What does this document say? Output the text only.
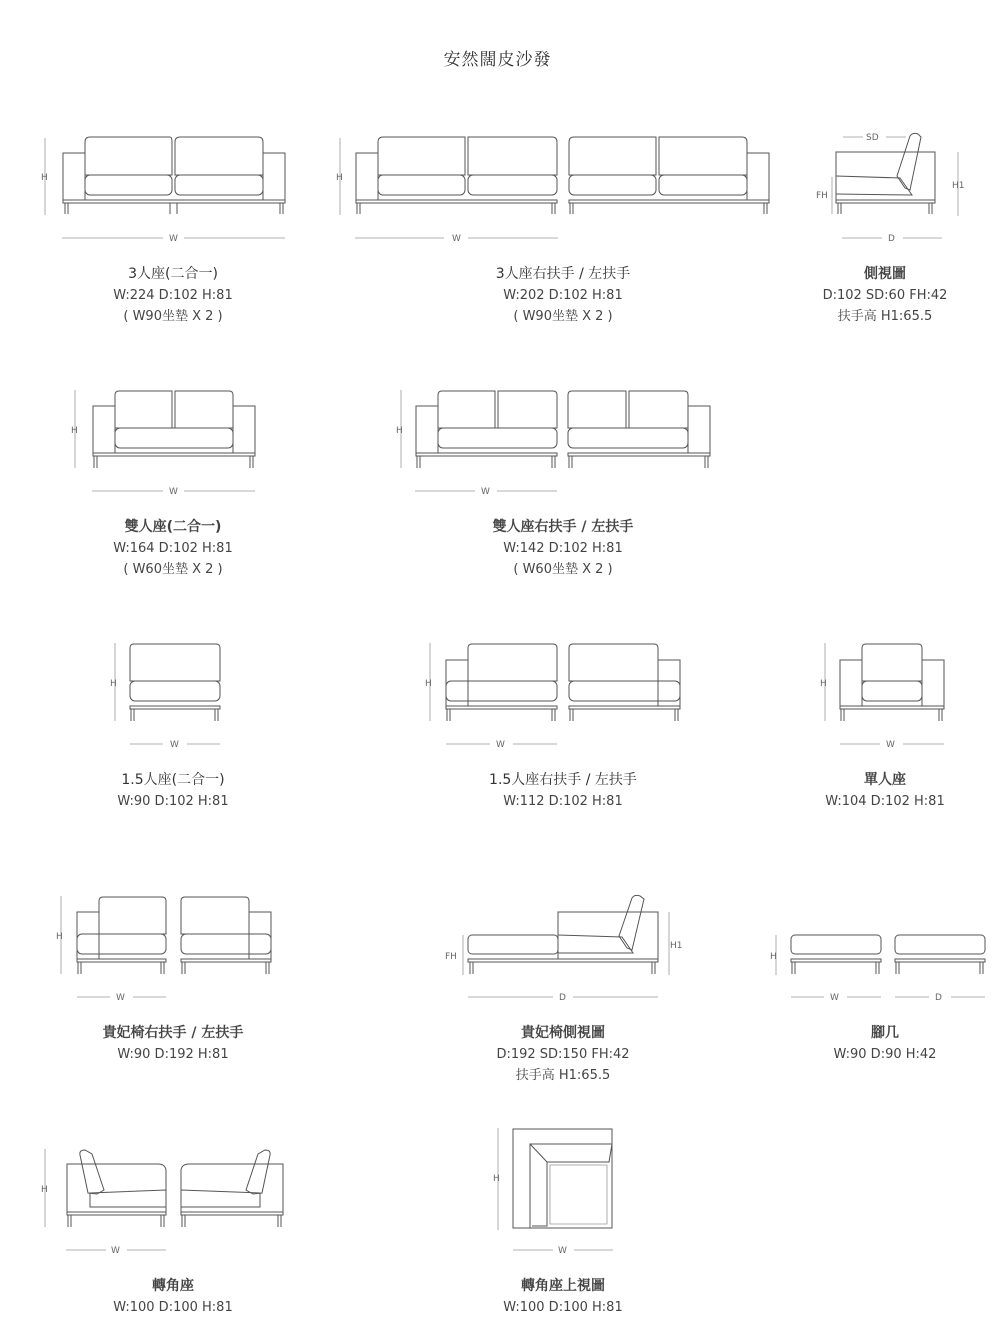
安然闊皮沙發
H
W
H
W
SD
FH
H1
D
H
W
H
W
H
W
H
W
H
W
H
W
FH
H1
D
H
W	D
H
W
H
W
3人座(二合一)
W:224 D:102 H:81
( W90坐墊 X 2 )
3人座右扶手 / 左扶手
W:202 D:102 H:81
( W90坐墊 X 2 )
側視圖
D:102 SD:60 FH:42
扶手高 H1:65.5
雙人座(二合一)
W:164 D:102 H:81
( W60坐墊 X 2 )
雙人座右扶手 / 左扶手
W:142 D:102 H:81
( W60坐墊 X 2 )
1.5人座(二合一)
W:90 D:102 H:81
1.5人座右扶手 / 左扶手
W:112 D:102 H:81
單人座
W:104 D:102 H:81
貴妃椅右扶手 / 左扶手
W:90 D:192 H:81
貴妃椅側視圖
D:192 SD:150 FH:42
扶手高 H1:65.5
腳几
W:90 D:90 H:42
轉角座
W:100 D:100 H:81
轉角座上視圖
W:100 D:100 H:81
